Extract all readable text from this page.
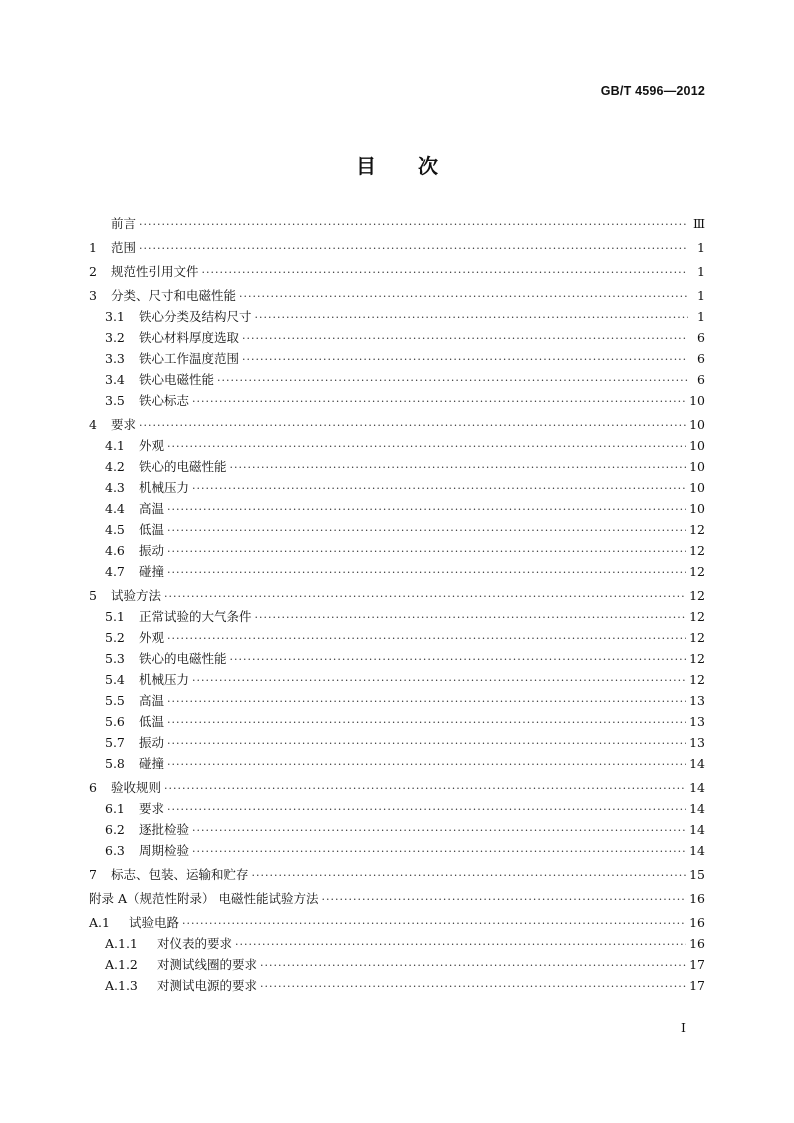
GB/T 4596—2012
目 次
前言 ·····	Ⅲ
1	范围 ·····	1
2	规范性引用文件 ·····	1
3	分类、尺寸和电磁性能 ·····	1
3.1	铁心分类及结构尺寸 ·····	1
3.2	铁心材料厚度选取 ·····	6
3.3	铁心工作温度范围 ·····	6
3.4	铁心电磁性能 ·····	6
3.5	铁心标志 ·····	10
4	要求 ·····	10
4.1	外观 ·····	10
4.2	铁心的电磁性能 ·····	10
4.3	机械压力 ·····	10
4.4	高温 ·····	10
4.5	低温 ·····	12
4.6	振动 ·····	12
4.7	碰撞 ·····	12
5	试验方法 ·····	12
5.1	正常试验的大气条件 ·····	12
5.2	外观 ·····	12
5.3	铁心的电磁性能 ·····	12
5.4	机械压力 ·····	12
5.5	高温 ·····	13
5.6	低温 ·····	13
5.7	振动 ·····	13
5.8	碰撞 ·····	14
6	验收规则 ·····	14
6.1	要求 ·····	14
6.2	逐批检验 ·····	14
6.3	周期检验 ·····	14
7	标志、包装、运输和贮存 ·····	15
附录 A（规范性附录） 电磁性能试验方法 ·····	16
A.1	试验电路 ·····	16
A.1.1	对仪表的要求 ·····	16
A.1.2	对测试线圈的要求 ·····	17
A.1.3	对测试电源的要求 ·····	17
I
